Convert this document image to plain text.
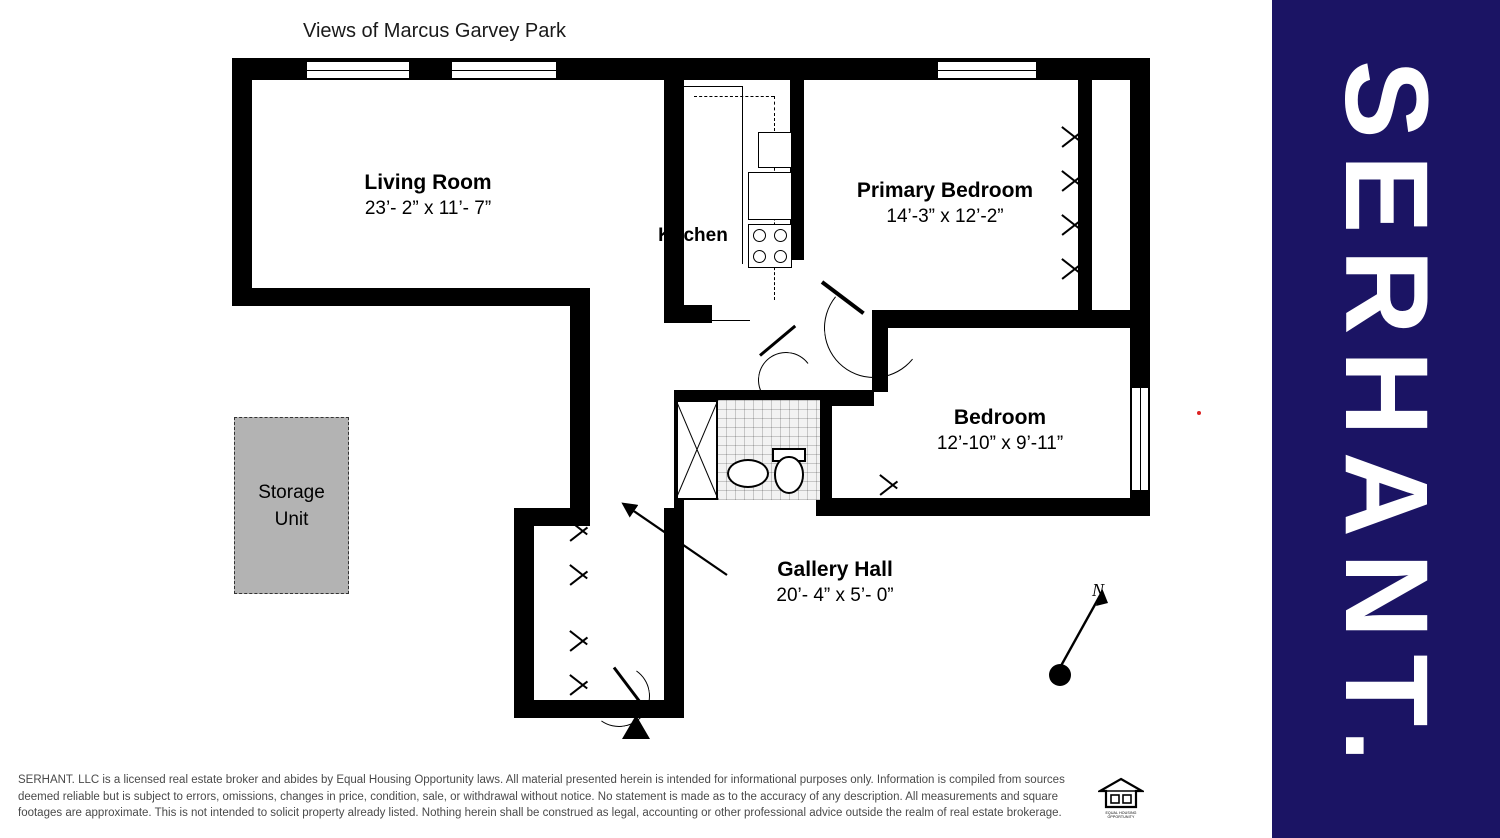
Views of Marcus Garvey Park
Living Room
23’- 2” x 11’- 7”
Kitchen
Primary Bedroom
14’-3” x 12’-2”
Bedroom
12’-10” x 9’-11”
Gallery Hall
20’- 4” x 5’- 0”
Storage
Unit
N
SERHANT. LLC is a licensed real estate broker and abides by Equal Housing Opportunity laws. All material presented herein is intended for informational purposes only. Information is compiled from sources deemed reliable but is subject to errors, omissions, changes in price, condition, sale, or withdrawal without notice. No statement is made as to the accuracy of any description. All measurements and square footages are approximate. This is not intended to solicit property already listed. Nothing herein shall be construed as legal, accounting or other professional advice outside the realm of real estate brokerage.	EQUAL HOUSING
OPPORTUNITY
SERHANT.
